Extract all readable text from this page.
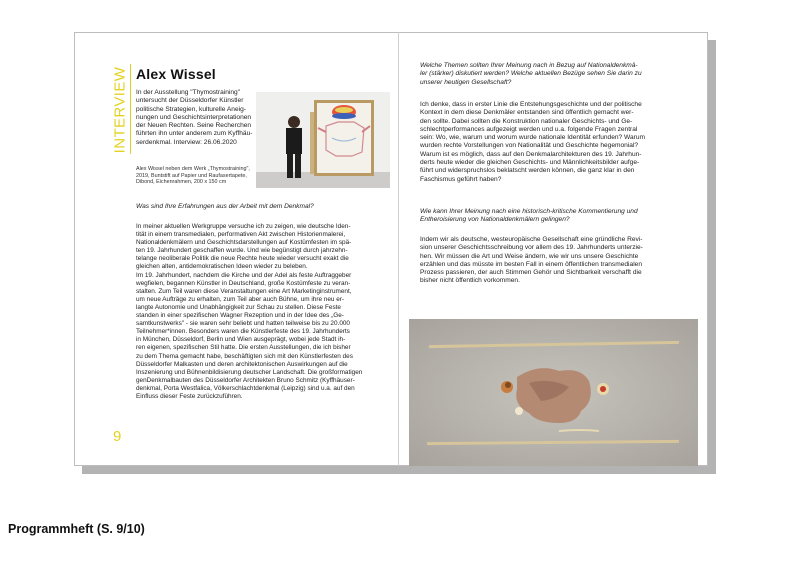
INTERVIEW Alex Wissel

In der Ausstellung "Thymostraining"
untersucht der Düsseldorfer Künstler
politische Strategien, kulturelle Aneig-
nungen und Geschichtsinterpretationen
der Neuen Rechten. Seine Recherchen
führten ihn unter anderem zum Kyffhäu-
serdenkmal. Interview: 26.06.2020

Alex Wissel neben dem Werk „Thymostraining",
2019, Buntstift auf Papier und Raufasertapete,
Dibond, Eichenrahmen, 200 x 150 cm

Was sind Ihre Erfahrungen aus der Arbeit mit dem Denkmal?

In meiner aktuellen Werkgruppe versuche ich zu zeigen, wie deutsche Iden-
tität in einem transmedialen, performativen Akt zwischen Historienmalerei,
Nationaldenkmälern und Geschichtsdarstellungen auf Kostümfesten im spä-
ten 19. Jahrhundert geschaffen wurde. Und wie begünstigt durch jahrzehn-
telange neoliberale Politik die neue Rechte heute wieder versucht exakt die
gleichen alten, antidemokratischen Ideen wieder zu beleben.
Im 19. Jahrhundert, nachdem die Kirche und der Adel als feste Auftraggeber
wegfielen, begannen Künstler in Deutschland, große Kostümfeste zu veran-
stalten. Zum Teil waren diese Veranstaltungen eine Art Marketinginstrument,
um neue Aufträge zu erhalten, zum Teil aber auch Bühne, um ihre neu er-
langte Autonomie und Unabhängigkeit zur Schau zu stellen. Diese Feste
standen in einer spezifischen Wagner Rezeption und in der Idee des „Ge-
samtkunstwerks" - sie waren sehr beliebt und hatten teilweise bis zu 20.000
Teilnehmer*innen. Besonders waren die Künstlerfeste des 19. Jahrhunderts
in München, Düsseldorf, Berlin und Wien ausgeprägt, wobei jede Stadt ih-
ren eigenen, spezifischen Stil hatte. Die ersten Ausstellungen, die ich bisher
zu dem Thema gemacht habe, beschäftigten sich mit den Künstlerfesten des
Düsseldorfer Malkasten und deren architektonischen Auswirkungen auf die
Inszenierung und Bühnenbildisierung deutscher Landschaft. Die großformatigen
genDenkmalbauten des Düsseldorfer Architekten Bruno Schmitz (Kyffhäuser-
denkmal, Porta Westfalica, Völkerschlachtdenkmal (Leipzig) sind u.a. auf den
Einfluss dieser Feste zurückzuführen.

9

Welche Themen sollten Ihrer Meinung nach in Bezug auf Nationaldenkmä-
ler (stärker) diskutiert werden? Welche aktuellen Bezüge sehen Sie darin zu
unserer heutigen Gesellschaft?

Ich denke, dass in erster Linie die Entstehungsgeschichte und der politische
Kontext in dem diese Denkmäler entstanden sind öffentlich gemacht wer-
den sollte. Dabei sollten die Konstruktion nationaler Geschichts- und Ge-
schlechtperformances aufgezeigt werden und u.a. folgende Fragen zentral
sein: Wo, wie, warum und worum wurde nationale Identität erfunden? Warum
wurden rechte Vorstellungen von Nationalität und Geschichte hegemonial?
Warum ist es möglich, dass auf den Denkmalarchitekturen des 19. Jahrhun-
derts heute wieder die gleichen Geschichts- und Männlichkeitsbilder aufge-
führt und widerspruchslos beklatscht werden können, die ganz klar in den
Faschismus geführt haben?

Wie kann Ihrer Meinung nach eine historisch-kritische Kommentierung und
Entheroisierung von Nationaldenkmälern gelingen?

Indem wir als deutsche, westeuropäische Gesellschaft eine gründliche Revi-
sion unserer Geschichtsschreibung vor allem des 19. Jahrhunderts unterzie-
hen. Wir müssen die Art und Weise ändern, wie wir uns unsere Geschichte
erzählen und das müsste im besten Fall in einem öffentlichen transmedialen
Prozess passieren, der auch Stimmen Gehör und Sichtbarkeit verschafft die
bisher nicht öffentlich vorkommen.

Programmheft (S. 9/10)
